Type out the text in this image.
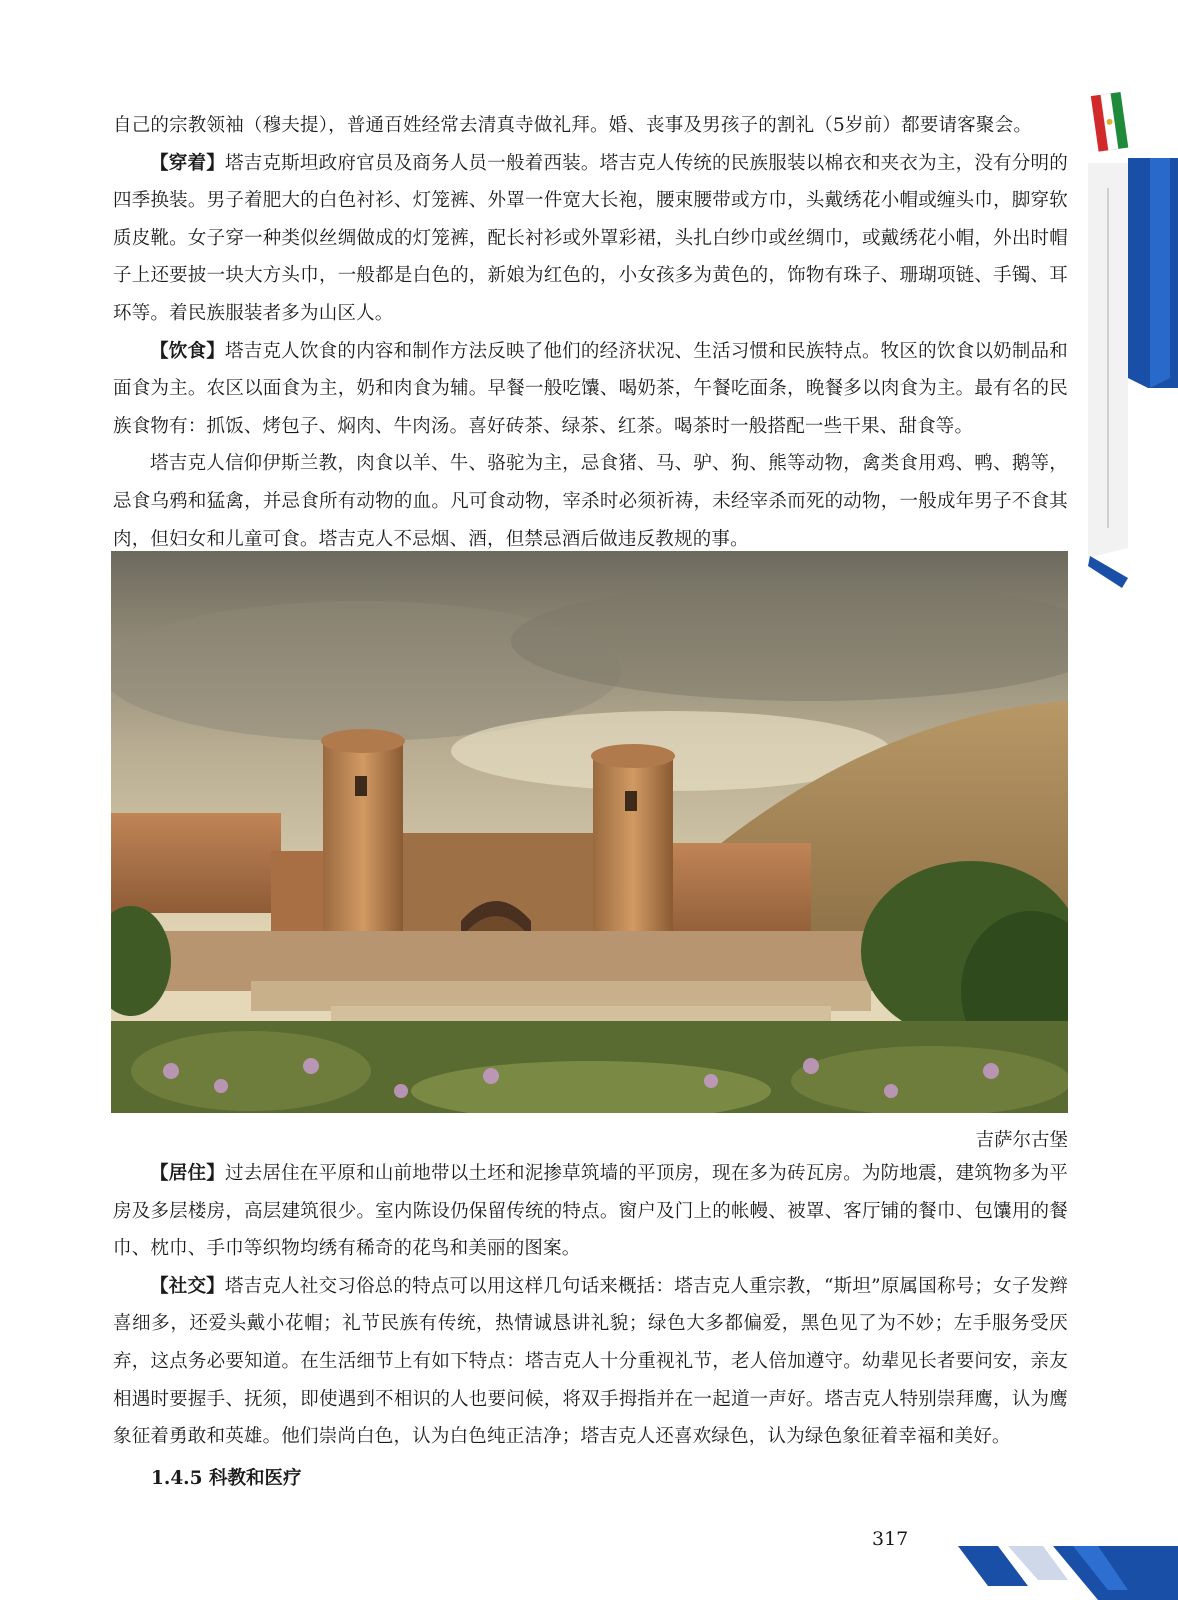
自己的宗教领袖（穆夫提），普通百姓经常去清真寺做礼拜。婚、丧事及男孩子的割礼（5岁前）都要请客聚会。

【穿着】塔吉克斯坦政府官员及商务人员一般着西装。塔吉克人传统的民族服装以棉衣和夹衣为主，没有分明的四季换装。男子着肥大的白色衬衫、灯笼裤、外罩一件宽大长袍，腰束腰带或方巾，头戴绣花小帽或缠头巾，脚穿软质皮靴。女子穿一种类似丝绸做成的灯笼裤，配长衬衫或外罩彩裙，头扎白纱巾或丝绸巾，或戴绣花小帽，外出时帽子上还要披一块大方头巾，一般都是白色的，新娘为红色的，小女孩多为黄色的，饰物有珠子、珊瑚项链、手镯、耳环等。着民族服装者多为山区人。

【饮食】塔吉克人饮食的内容和制作方法反映了他们的经济状况、生活习惯和民族特点。牧区的饮食以奶制品和面食为主。农区以面食为主，奶和肉食为辅。早餐一般吃馕、喝奶茶，午餐吃面条，晚餐多以肉食为主。最有名的民族食物有：抓饭、烤包子、焖肉、牛肉汤。喜好砖茶、绿茶、红茶。喝茶时一般搭配一些干果、甜食等。

塔吉克人信仰伊斯兰教，肉食以羊、牛、骆驼为主，忌食猪、马、驴、狗、熊等动物，禽类食用鸡、鸭、鹅等，忌食乌鸦和猛禽，并忌食所有动物的血。凡可食动物，宰杀时必须祈祷，未经宰杀而死的动物，一般成年男子不食其肉，但妇女和儿童可食。塔吉克人不忌烟、酒，但禁忌酒后做违反教规的事。

吉萨尔古堡

【居住】过去居住在平原和山前地带以土坯和泥掺草筑墙的平顶房，现在多为砖瓦房。为防地震，建筑物多为平房及多层楼房，高层建筑很少。室内陈设仍保留传统的特点。窗户及门上的帐幔、被罩、客厅铺的餐巾、包馕用的餐巾、枕巾、手巾等织物均绣有稀奇的花鸟和美丽的图案。

【社交】塔吉克人社交习俗总的特点可以用这样几句话来概括：塔吉克人重宗教，“斯坦”原属国称号；女子发辫喜细多，还爱头戴小花帽；礼节民族有传统，热情诚恳讲礼貌；绿色大多都偏爱，黑色见了为不妙；左手服务受厌弃，这点务必要知道。在生活细节上有如下特点：塔吉克人十分重视礼节，老人倍加遵守。幼辈见长者要问安，亲友相遇时要握手、抚须，即使遇到不相识的人也要问候，将双手拇指并在一起道一声好。塔吉克人特别崇拜鹰，认为鹰象征着勇敢和英雄。他们崇尚白色，认为白色纯正洁净；塔吉克人还喜欢绿色，认为绿色象征着幸福和美好。

1.4.5 科教和医疗
317
